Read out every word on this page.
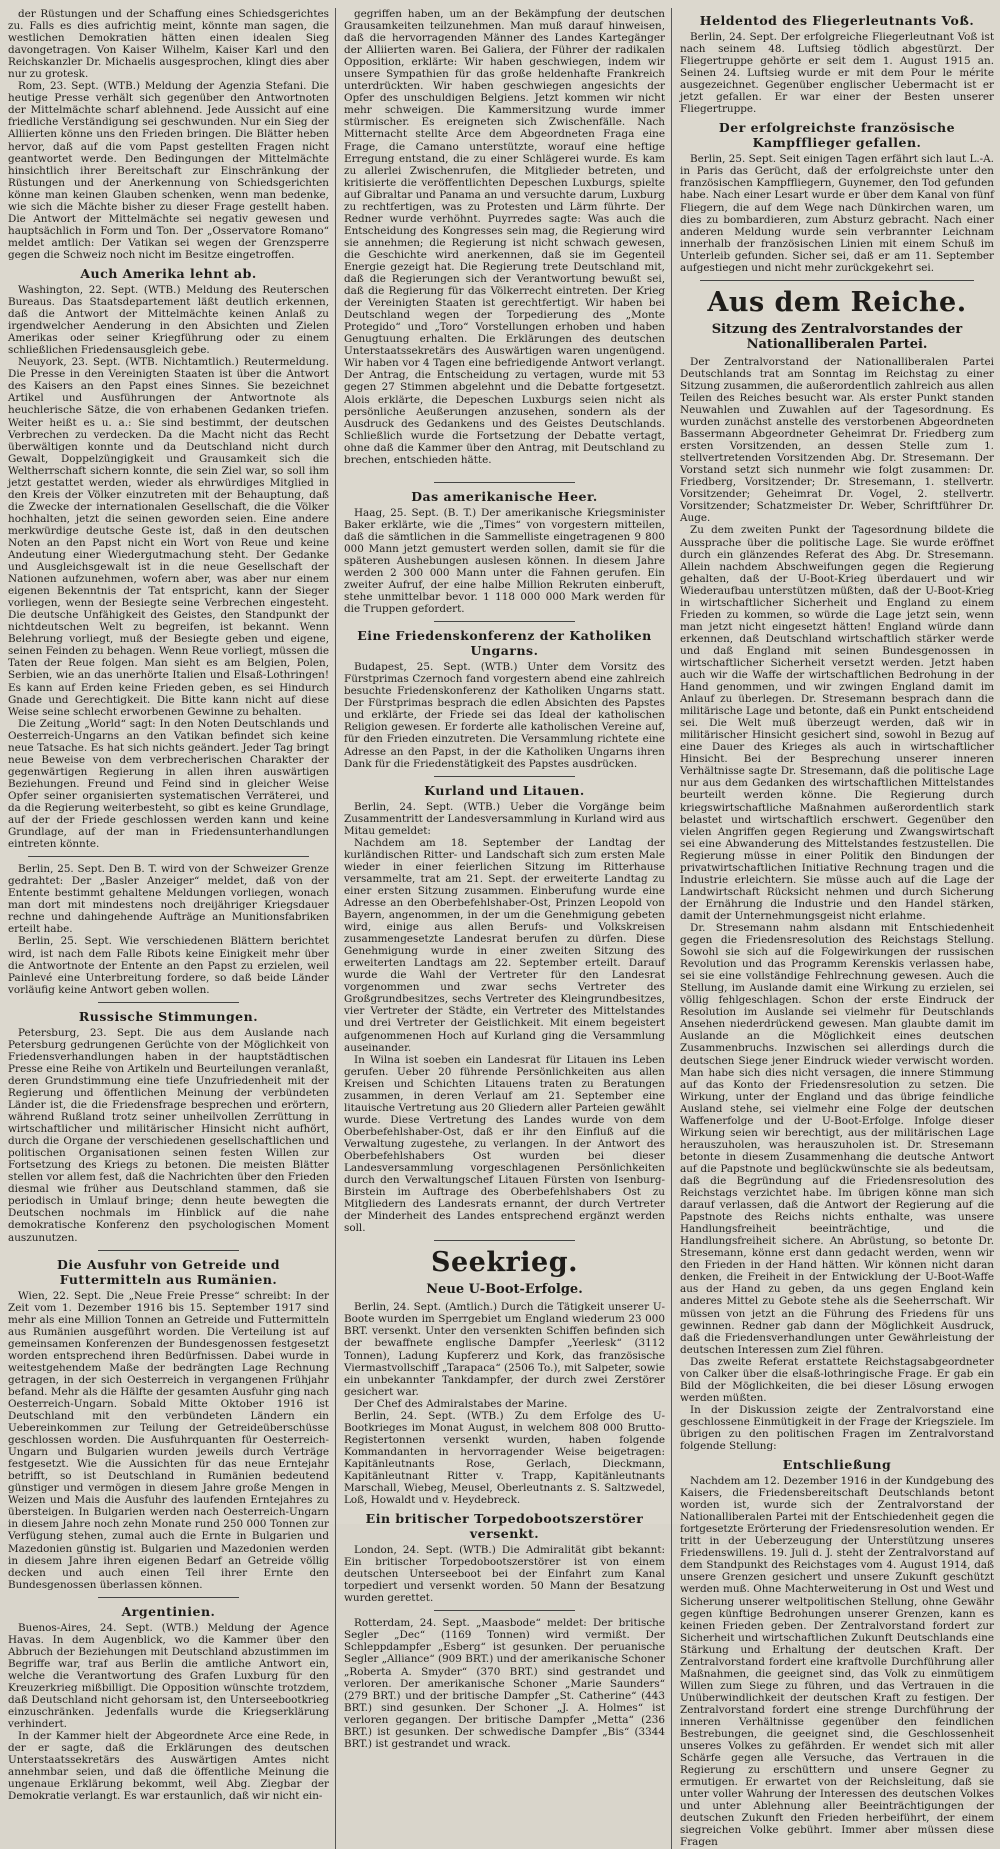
der Rüstungen und der Schaffung eines Schiedsgerichtes zu. Falls es dies aufrichtig meint, könnte man sagen, die westlichen Demokratien hätten einen idealen Sieg davongetragen. Von Kaiser Wilhelm, Kaiser Karl und den Reichskanzler Dr. Michaelis ausgesprochen, klingt dies aber nur zu grotesk.

Rom, 23. Sept. (WTB.) Meldung der Agenzia Stefani. Die heutige Presse verhält sich gegenüber den Antwortnoten der Mittelmächte scharf ablehnend. Jede Aussicht auf eine friedliche Verständigung sei geschwunden. Nur ein Sieg der Alliierten könne uns den Frieden bringen. Die Blätter heben hervor, daß auf die vom Papst gestellten Fragen nicht geantwortet werde. Den Bedingungen der Mittelmächte hinsichtlich ihrer Bereitschaft zur Einschränkung der Rüstungen und der Anerkennung von Schiedsgerichten könne man keinen Glauben schenken, wenn man bedenke, wie sich die Mächte bisher zu dieser Frage gestellt haben. Die Antwort der Mittelmächte sei negativ gewesen und hauptsächlich in Form und Ton. Der „Osservatore Romano“ meldet amtlich: Der Vatikan sei wegen der Grenzsperre gegen die Schweiz noch nicht im Besitze eingetroffen.

Auch Amerika lehnt ab.

Washington, 22. Sept. (WTB.) Meldung des Reuterschen Bureaus. Das Staatsdepartement läßt deutlich erkennen, daß die Antwort der Mittelmächte keinen Anlaß zu irgendwelcher Aenderung in den Absichten und Zielen Amerikas oder seiner Kriegführung oder zu einem schließlichen Friedensausgleich gebe.

Neuyork, 23. Sept. (WTB. Nichtamtlich.) Reutermeldung. Die Presse in den Vereinigten Staaten ist über die Antwort des Kaisers an den Papst eines Sinnes. Sie bezeichnet Artikel und Ausführungen der Antwortnote als heuchlerische Sätze, die von erhabenen Gedanken triefen. Weiter heißt es u. a.: Sie sind bestimmt, der deutschen Verbrechen zu verdecken. Da die Macht nicht das Recht überwältigen konnte und da Deutschland nicht durch Gewalt, Doppelzüngigkeit und Grausamkeit sich die Weltherrschaft sichern konnte, die sein Ziel war, so soll ihm jetzt gestattet werden, wieder als ehrwürdiges Mitglied in den Kreis der Völker einzutreten mit der Behauptung, daß die Zwecke der internationalen Gesellschaft, die die Völker hochhalten, jetzt die seinen geworden seien. Eine andere merkwürdige deutsche Geste ist, daß in den deutschen Noten an den Papst nicht ein Wort von Reue und keine Andeutung einer Wiedergutmachung steht. Der Gedanke und Ausgleichsgewalt ist in die neue Gesellschaft der Nationen aufzunehmen, wofern aber, was aber nur einem eigenen Bekenntnis der Tat entspricht, kann der Sieger vorliegen, wenn der Besiegte seine Verbrechen eingesteht. Die deutsche Unfähigkeit des Geistes, den Standpunkt der nichtdeutschen Welt zu begreifen, ist bekannt. Wenn Belehrung vorliegt, muß der Besiegte geben und eigene, seinen Feinden zu behagen. Wenn Reue vorliegt, müssen die Taten der Reue folgen. Man sieht es am Belgien, Polen, Serbien, wie an das unerhörte Italien und Elsaß-Lothringen! Es kann auf Erden keine Frieden geben, es sei Hindurch Gnade und Gerechtigkeit. Die Bitte kann nicht auf diese Weise seine schlecht erworbenen Gewinne zu behalten.

Die Zeitung „World“ sagt: In den Noten Deutschlands und Oesterreich-Ungarns an den Vatikan befindet sich keine neue Tatsache. Es hat sich nichts geändert. Jeder Tag bringt neue Beweise von dem verbrecherischen Charakter der gegenwärtigen Regierung in allen ihren auswärtigen Beziehungen. Freund und Feind sind in gleicher Weise Opfer seiner organisierten systematischen Verräterei, und da die Regierung weiterbesteht, so gibt es keine Grundlage, auf der der Friede geschlossen werden kann und keine Grundlage, auf der man in Friedensunterhandlungen eintreten könnte.

Berlin, 25. Sept. Den B. T. wird von der Schweizer Grenze gedrahtet: Der „Basler Anzeiger“ meldet, daß von der Entente bestimmt gehaltene Meldungen vorliegen, wonach man dort mit mindestens noch dreijähriger Kriegsdauer rechne und dahingehende Aufträge an Munitionsfabriken erteilt habe.

Berlin, 25. Sept. Wie verschiedenen Blättern berichtet wird, ist nach dem Falle Ribots keine Einigkeit mehr über die Antwortnote der Entente an den Papst zu erzielen, weil Painlevé eine Unterbreitung fordere, so daß beide Länder vorläufig keine Antwort geben wollen.

Russische Stimmungen.

Petersburg, 23. Sept. Die aus dem Auslande nach Petersburg gedrungenen Gerüchte von der Möglichkeit von Friedensverhandlungen haben in der hauptstädtischen Presse eine Reihe von Artikeln und Beurteilungen veranlaßt, deren Grundstimmung eine tiefe Unzufriedenheit mit der Regierung und öffentlichen Meinung der verbündeten Länder ist, die die Friedensfrage besprechen und erörtern, während Rußland trotz seiner unheilvollen Zerrüttung in wirtschaftlicher und militärischer Hinsicht nicht aufhört, durch die Organe der verschiedenen gesellschaftlichen und politischen Organisationen seinen festen Willen zur Fortsetzung des Kriegs zu betonen. Die meisten Blätter stellen vor allem fest, daß die Nachrichten über den Frieden diesmal wie früher aus Deutschland stammen, daß sie periodisch in Umlauf bringe; denn heute bewegten die Deutschen nochmals im Hinblick auf die nahe demokratische Konferenz den psychologischen Moment auszunutzen.

Die Ausfuhr von Getreide und Futtermitteln aus Rumänien.

Wien, 22. Sept. Die „Neue Freie Presse“ schreibt: In der Zeit vom 1. Dezember 1916 bis 15. September 1917 sind mehr als eine Million Tonnen an Getreide und Futtermitteln aus Rumänien ausgeführt worden. Die Verteilung ist auf gemeinsamen Konferenzen der Bundesgenossen festgesetzt worden entsprechend ihren Bedürfnissen. Dabei wurde in weitestgehendem Maße der bedrängten Lage Rechnung getragen, in der sich Oesterreich in vergangenen Frühjahr befand. Mehr als die Hälfte der gesamten Ausfuhr ging nach Oesterreich-Ungarn. Sobald Mitte Oktober 1916 ist Deutschland mit den verbündeten Ländern ein Uebereinkommen zur Teilung der Getreideüberschüsse geschlossen worden. Die Ausfuhrquanten für Oesterreich-Ungarn und Bulgarien wurden jeweils durch Verträge festgesetzt. Wie die Aussichten für das neue Erntejahr betrifft, so ist Deutschland in Rumänien bedeutend günstiger und vermögen in diesem Jahre große Mengen in Weizen und Mais die Ausfuhr des laufenden Erntejahres zu übersteigen. In Bulgarien werden nach Oesterreich-Ungarn in diesem Jahre noch zehn Monate rund 250 000 Tonnen zur Verfügung stehen, zumal auch die Ernte in Bulgarien und Mazedonien günstig ist. Bulgarien und Mazedonien werden in diesem Jahre ihren eigenen Bedarf an Getreide völlig decken und auch einen Teil ihrer Ernte den Bundesgenossen überlassen können.

Argentinien.

Buenos-Aires, 24. Sept. (WTB.) Meldung der Agence Havas. In dem Augenblick, wo die Kammer über den Abbruch der Beziehungen mit Deutschland abzustimmen im Begriffe war, traf aus Berlin die amtliche Antwort ein, welche die Verantwortung des Grafen Luxburg für den Kreuzerkrieg mißbilligt. Die Opposition wünschte trotzdem, daß Deutschland nicht gehorsam ist, den Unterseebootkrieg einzuschränken. Jedenfalls wurde die Kriegserklärung verhindert.

In der Kammer hielt der Abgeordnete Arce eine Rede, in der er sagte, daß die Erklärungen des deutschen Unterstaatssekretärs des Auswärtigen Amtes nicht annehmbar seien, und daß die öffentliche Meinung die ungenaue Erklärung bekommt, weil Abg. Ziegbar der Demokratie verlangt. Es war erstaunlich, daß wir nicht ein-

gegriffen haben, um an der Bekämpfung der deutschen Grausamkeiten teilzunehmen. Man muß darauf hinweisen, daß die hervorragenden Männer des Landes Kartegänger der Alliierten waren. Bei Galiera, der Führer der radikalen Opposition, erklärte: Wir haben geschwiegen, indem wir unsere Sympathien für das große heldenhafte Frankreich unterdrückten. Wir haben geschwiegen angesichts der Opfer des unschuldigen Belgiens. Jetzt kommen wir nicht mehr schweigen. Die Kammersitzung wurde immer stürmischer. Es ereigneten sich Zwischenfälle. Nach Mitternacht stellte Arce dem Abgeordneten Fraga eine Frage, die Camano unterstützte, worauf eine heftige Erregung entstand, die zu einer Schlägerei wurde. Es kam zu allerlei Zwischenrufen, die Mitglieder betreten, und kritisierte die veröffentlichten Depeschen Luxburgs, spielte auf Gibraltar und Panama an und versuchte darum, Luxburg zu rechtfertigen, was zu Protesten und Lärm führte. Der Redner wurde verhöhnt. Puyrredes sagte: Was auch die Entscheidung des Kongresses sein mag, die Regierung wird sie annehmen; die Regierung ist nicht schwach gewesen, die Geschichte wird anerkennen, daß sie im Gegenteil Energie gezeigt hat. Die Regierung trete Deutschland mit, daß die Regierungen sich der Verantwortung bewußt sei, daß die Regierung für das Völkerrecht eintreten. Der Krieg der Vereinigten Staaten ist gerechtfertigt. Wir haben bei Deutschland wegen der Torpedierung des „Monte Protegido“ und „Toro“ Vorstellungen erhoben und haben Genugtuung erhalten. Die Erklärungen des deutschen Unterstaatssekretärs des Auswärtigen waren ungenügend. Wir haben vor 4 Tagen eine befriedigende Antwort verlangt. Der Antrag, die Entscheidung zu vertagen, wurde mit 53 gegen 27 Stimmen abgelehnt und die Debatte fortgesetzt. Alois erklärte, die Depeschen Luxburgs seien nicht als persönliche Aeußerungen anzusehen, sondern als der Ausdruck des Gedankens und des Geistes Deutschlands. Schließlich wurde die Fortsetzung der Debatte vertagt, ohne daß die Kammer über den Antrag, mit Deutschland zu brechen, entschieden hätte.

Das amerikanische Heer.

Haag, 25. Sept. (B. T.) Der amerikanische Kriegsminister Baker erklärte, wie die „Times“ von vorgestern mitteilen, daß die sämtlichen in die Sammelliste eingetragenen 9 800 000 Mann jetzt gemustert werden sollen, damit sie für die späteren Aushebungen auslesen können. In diesem Jahre werden 2 300 000 Mann unter die Fahnen gerufen. Ein zweiter Aufruf, der eine halbe Million Rekruten einberuft, stehe unmittelbar bevor. 1 118 000 000 Mark werden für die Truppen gefordert.

Eine Friedenskonferenz der Katholiken Ungarns.

Budapest, 25. Sept. (WTB.) Unter dem Vorsitz des Fürstprimas Czernoch fand vorgestern abend eine zahlreich besuchte Friedenskonferenz der Katholiken Ungarns statt. Der Fürstprimas besprach die edlen Absichten des Papstes und erklärte, der Friede sei das Ideal der katholischen Religion gewesen. Er forderte alle katholischen Vereine auf, für den Frieden einzutreten. Die Versammlung richtete eine Adresse an den Papst, in der die Katholiken Ungarns ihren Dank für die Friedenstätigkeit des Papstes ausdrücken.

Kurland und Litauen.

Berlin, 24. Sept. (WTB.) Ueber die Vorgänge beim Zusammentritt der Landesversammlung in Kurland wird aus Mitau gemeldet:

Nachdem am 18. September der Landtag der kurländischen Ritter- und Landschaft sich zum ersten Male wieder in einer feierlichen Sitzung im Ritterhause versammelte, trat am 21. Sept. der erweiterte Landtag zu einer ersten Sitzung zusammen. Einberufung wurde eine Adresse an den Oberbefehlshaber-Ost, Prinzen Leopold von Bayern, angenommen, in der um die Genehmigung gebeten wird, einige aus allen Berufs- und Volkskreisen zusammengesetzte Landesrat berufen zu dürfen. Diese Genehmigung wurde in einer zweiten Sitzung des erweiterten Landtags am 22. September erteilt. Darauf wurde die Wahl der Vertreter für den Landesrat vorgenommen und zwar sechs Vertreter des Großgrundbesitzes, sechs Vertreter des Kleingrundbesitzes, vier Vertreter der Städte, ein Vertreter des Mittelstandes und drei Vertreter der Geistlichkeit. Mit einem begeistert aufgenommenen Hoch auf Kurland ging die Versammlung auseinander.

In Wilna ist soeben ein Landesrat für Litauen ins Leben gerufen. Ueber 20 führende Persönlichkeiten aus allen Kreisen und Schichten Litauens traten zu Beratungen zusammen, in deren Verlauf am 21. September eine litauische Vertretung aus 20 Gliedern aller Parteien gewählt wurde. Diese Vertretung des Landes wurde von dem Oberbefehlshaber-Ost, daß er ihr den Einfluß auf die Verwaltung zugestehe, zu verlangen. In der Antwort des Oberbefehlshabers Ost wurden bei dieser Landesversammlung vorgeschlagenen Persönlichkeiten durch den Verwaltungschef Litauen Fürsten von Isenburg-Birstein im Auftrage des Oberbefehlshabers Ost zu Mitgliedern des Landesrats ernannt, der durch Vertreter der Minderheit des Landes entsprechend ergänzt werden soll.

Seekrieg.
Neue U-Boot-Erfolge.

Berlin, 24. Sept. (Amtlich.) Durch die Tätigkeit unserer U-Boote wurden im Sperrgebiet um England wiederum 23 000 BRT. versenkt. Unter den versenkten Schiffen befinden sich der bewaffnete englische Dampfer „Yeerlesk“ (3112 Tonnen), Ladung Kupfererz und Kork, das französische Viermastvollschiff „Tarapaca“ (2506 To.), mit Salpeter, sowie ein unbekannter Tankdampfer, der durch zwei Zerstörer gesichert war.

Der Chef des Admiralstabes der Marine.

Berlin, 24. Sept. (WTB.) Zu dem Erfolge des U-Bootkrieges im Monat August, in welchem 808 000 Brutto-Registertonnen versenkt wurden, haben folgende Kommandanten in hervorragender Weise beigetragen: Kapitänleutnants Rose, Gerlach, Dieckmann, Kapitänleutnant Ritter v. Trapp, Kapitänleutnants Marschall, Wiebeg, Meusel, Oberleutnants z. S. Saltzwedel, Loß, Howaldt und v. Heydebreck.

Ein britischer Torpedobootszerstörer versenkt.

London, 24. Sept. (WTB.) Die Admiralität gibt bekannt: Ein britischer Torpedobootszerstörer ist von einem deutschen Unterseeboot bei der Einfahrt zum Kanal torpediert und versenkt worden. 50 Mann der Besatzung wurden gerettet.

Rotterdam, 24. Sept. „Maasbode“ meldet: Der britische Segler „Dec“ (1169 Tonnen) wird vermißt. Der Schleppdampfer „Esberg“ ist gesunken. Der peruanische Segler „Alliance“ (909 BRT.) und der amerikanische Schoner „Roberta A. Smyder“ (370 BRT.) sind gestrandet und verloren. Der amerikanische Schoner „Marie Saunders“ (279 BRT.) und der britische Dampfer „St. Catherine“ (443 BRT.) sind gesunken. Der Schoner „J. A. Holmes“ ist verloren gegangen. Der britische Dampfer „Metta“ (236 BRT.) ist gesunken. Der schwedische Dampfer „Bis“ (3344 BRT.) ist gestrandet und wrack.

Heldentod des Fliegerleutnants Voß.

Berlin, 24. Sept. Der erfolgreiche Fliegerleutnant Voß ist nach seinem 48. Luftsieg tödlich abgestürzt. Der Fliegertruppe gehörte er seit dem 1. August 1915 an. Seinen 24. Luftsieg wurde er mit dem Pour le mérite ausgezeichnet. Gegenüber englischer Uebermacht ist er jetzt gefallen. Er war einer der Besten unserer Fliegertruppe.

Der erfolgreichste französische Kampfflieger gefallen.

Berlin, 25. Sept. Seit einigen Tagen erfährt sich laut L.-A. in Paris das Gerücht, daß der erfolgreichste unter den französischen Kampffliegern, Guynemer, den Tod gefunden habe. Nach einer Lesart wurde er über dem Kanal von fünf Fliegern, die auf dem Wege nach Dünkirchen waren, um dies zu bombardieren, zum Absturz gebracht. Nach einer anderen Meldung wurde sein verbrannter Leichnam innerhalb der französischen Linien mit einem Schuß im Unterleib gefunden. Sicher sei, daß er am 11. September aufgestiegen und nicht mehr zurückgekehrt sei.

Aus dem Reiche.
Sitzung des Zentralvorstandes der Nationalliberalen Partei.

Der Zentralvorstand der Nationalliberalen Partei Deutschlands trat am Sonntag im Reichstag zu einer Sitzung zusammen, die außerordentlich zahlreich aus allen Teilen des Reiches besucht war. Als erster Punkt standen Neuwahlen und Zuwahlen auf der Tagesordnung. Es wurden zunächst anstelle des verstorbenen Abgeordneten Bassermann Abgeordneter Geheimrat Dr. Friedberg zum ersten Vorsitzenden, an dessen Stelle zum 1. stellvertretenden Vorsitzenden Abg. Dr. Stresemann. Der Vorstand setzt sich nunmehr wie folgt zusammen: Dr. Friedberg, Vorsitzender; Dr. Stresemann, 1. stellvertr. Vorsitzender; Geheimrat Dr. Vogel, 2. stellvertr. Vorsitzender; Schatzmeister Dr. Weber, Schriftführer Dr. Auge.

Zu dem zweiten Punkt der Tagesordnung bildete die Aussprache über die politische Lage. Sie wurde eröffnet durch ein glänzendes Referat des Abg. Dr. Stresemann. Allein nachdem Abschweifungen gegen die Regierung gehalten, daß der U-Boot-Krieg überdauert und wir Wiederaufbau unterstützen müßten, daß der U-Boot-Krieg in wirtschaftlicher Sicherheit und England zu einem Frieden zu kommen, so würde die Lage jetzt sein, wenn man jetzt nicht eingesetzt hätten! England würde dann erkennen, daß Deutschland wirtschaftlich stärker werde und daß England mit seinen Bundesgenossen in wirtschaftlicher Sicherheit versetzt werden. Jetzt haben auch wir die Waffe der wirtschaftlichen Bedrohung in der Hand genommen, und wir zwingen England damit im Anlauf zu überlegen. Dr. Stresemann besprach dann die militärische Lage und betonte, daß ein Punkt entscheidend sei. Die Welt muß überzeugt werden, daß wir in militärischer Hinsicht gesichert sind, sowohl in Bezug auf eine Dauer des Krieges als auch in wirtschaftlicher Hinsicht. Bei der Besprechung unserer inneren Verhältnisse sagte Dr. Stresemann, daß die politische Lage nur aus dem Gedanken des wirtschaftlichen Mittelstandes beurteilt werden könne. Die Regierung durch kriegswirtschaftliche Maßnahmen außerordentlich stark belastet und wirtschaftlich erschwert. Gegenüber den vielen Angriffen gegen Regierung und Zwangswirtschaft sei eine Abwanderung des Mittelstandes festzustellen. Die Regierung müsse in einer Politik den Bindungen der privatwirtschaftlichen Initiative Rechnung tragen und die Industrie erleichtern. Sie müsse auch auf die Lage der Landwirtschaft Rücksicht nehmen und durch Sicherung der Ernährung die Industrie und den Handel stärken, damit der Unternehmungsgeist nicht erlahme.

Dr. Stresemann nahm alsdann mit Entschiedenheit gegen die Friedensresolution des Reichstags Stellung. Sowohl sie sich auf die Folgewirkungen der russischen Revolution und das Programm Kerenskis verlassen habe, sei sie eine vollständige Fehlrechnung gewesen. Auch die Stellung, im Auslande damit eine Wirkung zu erzielen, sei völlig fehlgeschlagen. Schon der erste Eindruck der Resolution im Auslande sei vielmehr für Deutschlands Ansehen niederdrückend gewesen. Man glaubte damit im Auslande an die Möglichkeit eines deutschen Zusammenbruchs. Inzwischen sei allerdings durch die deutschen Siege jener Eindruck wieder verwischt worden. Man habe sich dies nicht versagen, die innere Stimmung auf das Konto der Friedensresolution zu setzen. Die Wirkung, unter der England und das übrige feindliche Ausland stehe, sei vielmehr eine Folge der deutschen Waffenerfolge und der U-Boot-Erfolge. Infolge dieser Wirkung seien wir berechtigt, aus der militärischen Lage herauszuholen, was herauszuholen ist. Dr. Stresemann betonte in diesem Zusammenhang die deutsche Antwort auf die Papstnote und beglückwünschte sie als bedeutsam, daß die Begründung auf die Friedensresolution des Reichstags verzichtet habe. Im übrigen könne man sich darauf verlassen, daß die Antwort der Regierung auf die Papstnote des Reichs nichts enthalte, was unsere Handlungsfreiheit beeinträchtige, und die Handlungsfreiheit sichere. An Abrüstung, so betonte Dr. Stresemann, könne erst dann gedacht werden, wenn wir den Frieden in der Hand hätten. Wir können nicht daran denken, die Freiheit in der Entwicklung der U-Boot-Waffe aus der Hand zu geben, da uns gegen England kein anderes Mittel zu Gebote stehe als die Seeherrschaft. Wir müssen von jetzt an die Führung des Friedens für uns gewinnen. Redner gab dann der Möglichkeit Ausdruck, daß die Friedensverhandlungen unter Gewährleistung der deutschen Interessen zum Ziel führen.

Das zweite Referat erstattete Reichstagsabgeordneter von Calker über die elsaß-lothringische Frage. Er gab ein Bild der Möglichkeiten, die bei dieser Lösung erwogen werden müßten.

In der Diskussion zeigte der Zentralvorstand eine geschlossene Einmütigkeit in der Frage der Kriegsziele. Im übrigen zu den politischen Fragen im Zentralvorstand folgende Stellung:

Entschließung

Nachdem am 12. Dezember 1916 in der Kundgebung des Kaisers, die Friedensbereitschaft Deutschlands betont worden ist, wurde sich der Zentralvorstand der Nationalliberalen Partei mit der Entschiedenheit gegen die fortgesetzte Erörterung der Friedensresolution wenden. Er tritt in der Ueberzeugung der Unterstützung unseres Friedenswillens. 19. Juli d. J. steht der Zentralvorstand auf dem Standpunkt des Reichstages vom 4. August 1914, daß unsere Grenzen gesichert und unsere Zukunft geschützt werden muß. Ohne Machterweiterung in Ost und West und Sicherung unserer weltpolitischen Stellung, ohne Gewähr gegen künftige Bedrohungen unserer Grenzen, kann es keinen Frieden geben. Der Zentralvorstand fordert zur Sicherheit und wirtschaftlichen Zukunft Deutschlands eine Stärkung und Erhaltung der deutschen Kraft. Der Zentralvorstand fordert eine kraftvolle Durchführung aller Maßnahmen, die geeignet sind, das Volk zu einmütigem Willen zum Siege zu führen, und das Vertrauen in die Unüberwindlichkeit der deutschen Kraft zu festigen. Der Zentralvorstand fordert eine strenge Durchführung der inneren Verhältnisse gegenüber den feindlichen Bestrebungen, die geeignet sind, die Geschlossenheit unseres Volkes zu gefährden. Er wendet sich mit aller Schärfe gegen alle Versuche, das Vertrauen in die Regierung zu erschüttern und unsere Gegner zu ermutigen. Er erwartet von der Reichsleitung, daß sie unter voller Wahrung der Interessen des deutschen Volkes und unter Ablehnung aller Beeinträchtigungen der deutschen Zukunft den Frieden herbeiführt, der einem siegreichen Volke gebührt. Immer aber müssen diese Fragen
